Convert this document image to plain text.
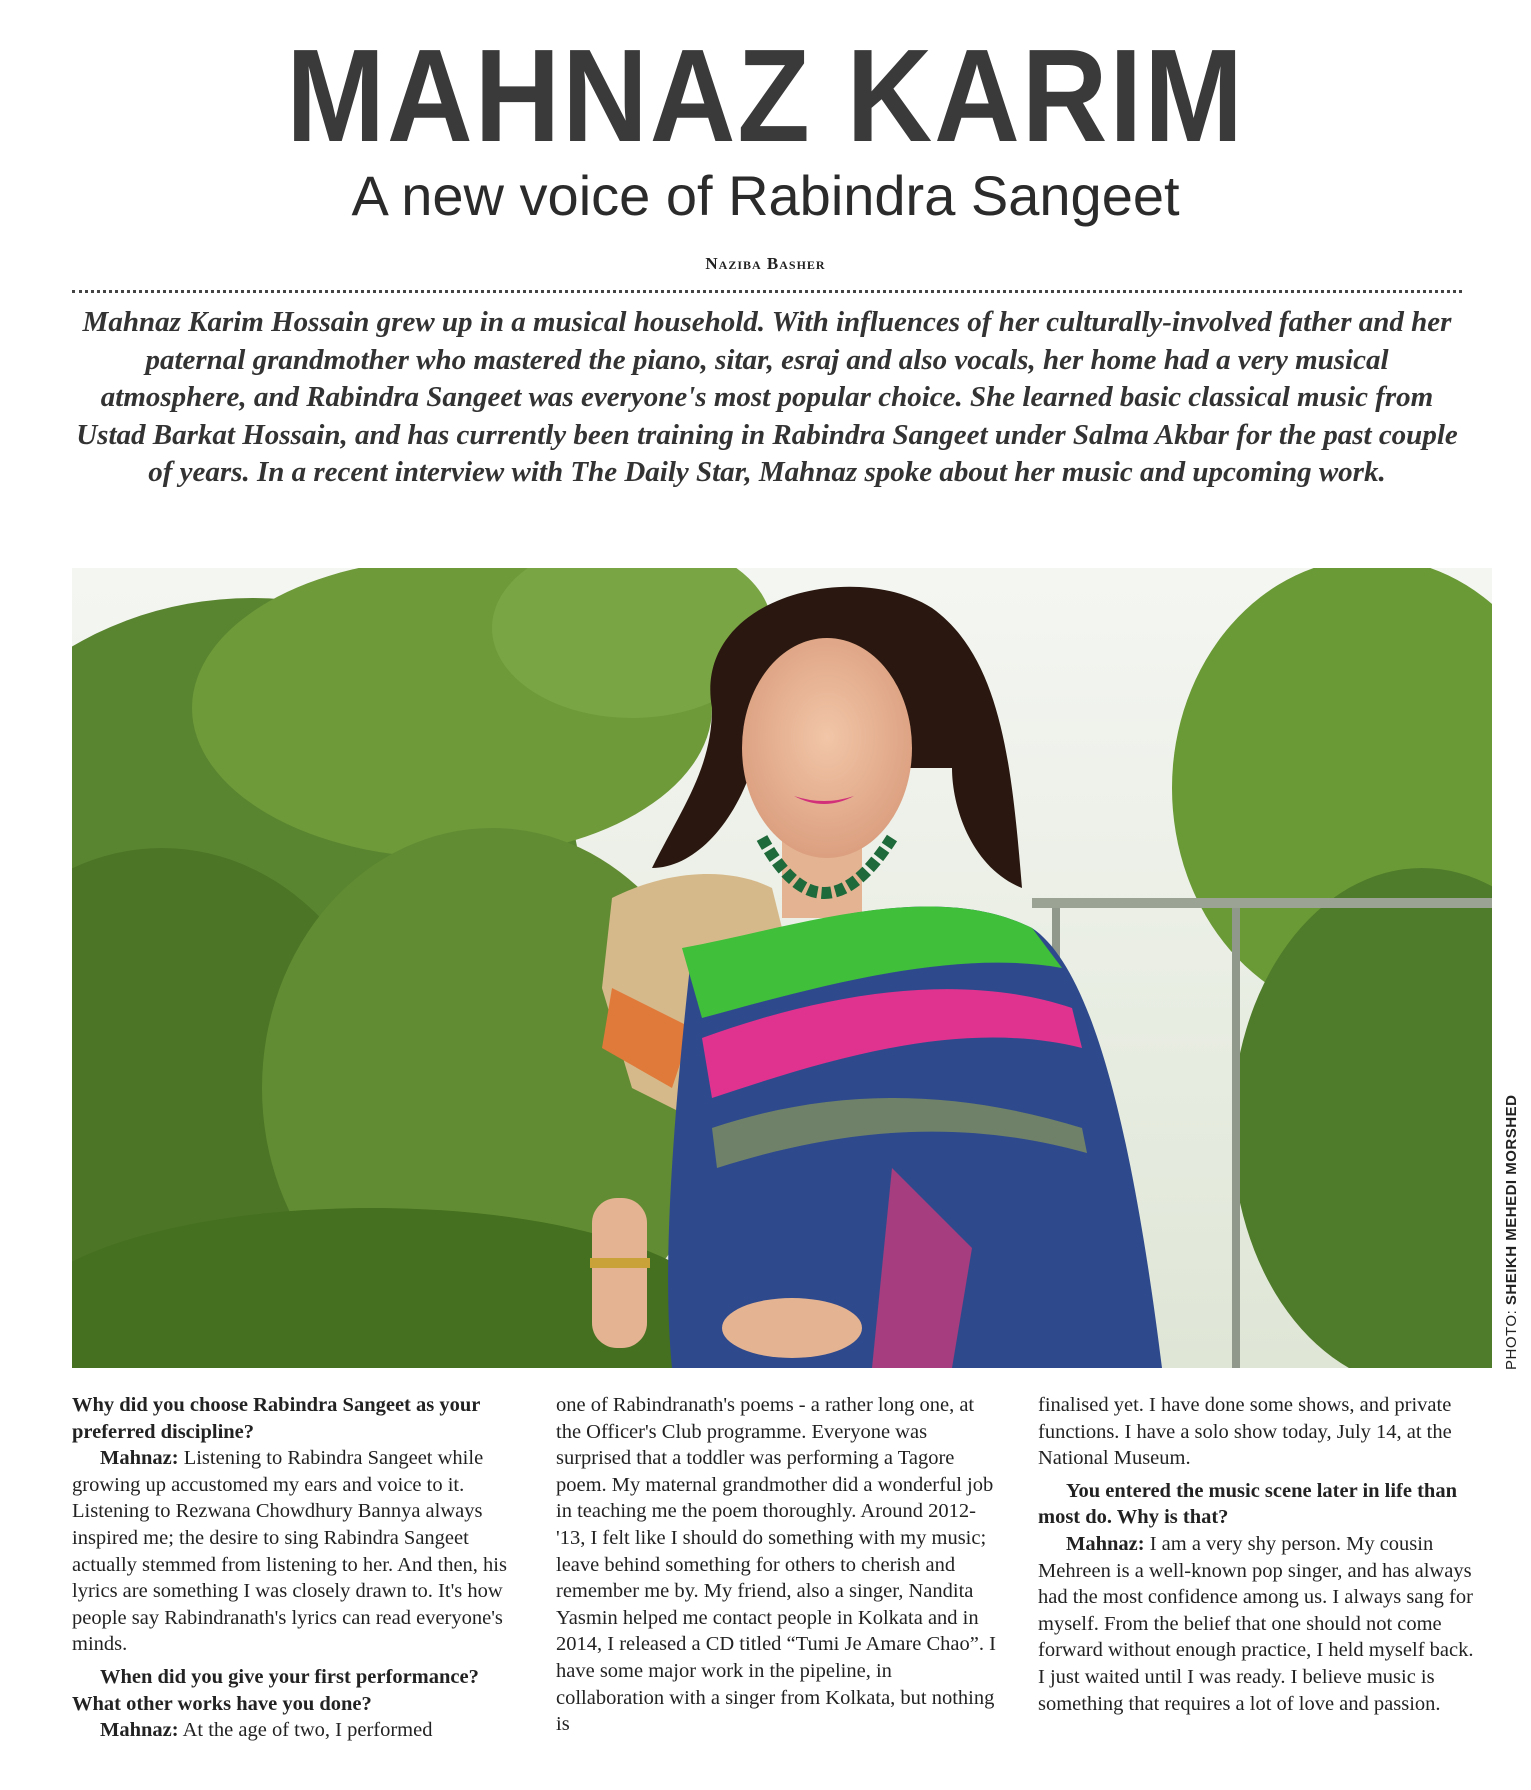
MAHNAZ KARIM
A new voice of Rabindra Sangeet
Naziba Basher
Mahnaz Karim Hossain grew up in a musical household. With influences of her culturally-involved father and her paternal grandmother who mastered the piano, sitar, esraj and also vocals, her home had a very musical atmosphere, and Rabindra Sangeet was everyone's most popular choice. She learned basic classical music from Ustad Barkat Hossain, and has currently been training in Rabindra Sangeet under Salma Akbar for the past couple of years. In a recent interview with The Daily Star, Mahnaz spoke about her music and upcoming work.
PHOTO: SHEIKH MEHEDI MORSHED

Why did you choose Rabindra Sangeet as your preferred discipline?

Mahnaz: Listening to Rabindra Sangeet while growing up accustomed my ears and voice to it. Listening to Rezwana Chowdhury Bannya always inspired me; the desire to sing Rabindra Sangeet actually stemmed from listening to her. And then, his lyrics are something I was closely drawn to. It's how people say Rabindranath's lyrics can read everyone's minds.

When did you give your first performance? What other works have you done?

Mahnaz: At the age of two, I performed

one of Rabindranath's poems - a rather long one, at the Officer's Club programme. Everyone was surprised that a toddler was performing a Tagore poem. My maternal grandmother did a wonderful job in teaching me the poem thoroughly. Around 2012-'13, I felt like I should do something with my music; leave behind something for others to cherish and remember me by. My friend, also a singer, Nandita Yasmin helped me contact people in Kolkata and in 2014, I released a CD titled “Tumi Je Amare Chao”. I have some major work in the pipeline, in collaboration with a singer from Kolkata, but nothing is

finalised yet. I have done some shows, and private functions. I have a solo show today, July 14, at the National Museum.

You entered the music scene later in life than most do. Why is that?

Mahnaz: I am a very shy person. My cousin Mehreen is a well-known pop singer, and has always had the most confidence among us. I always sang for myself. From the belief that one should not come forward without enough practice, I held myself back. I just waited until I was ready. I believe music is something that requires a lot of love and passion.
